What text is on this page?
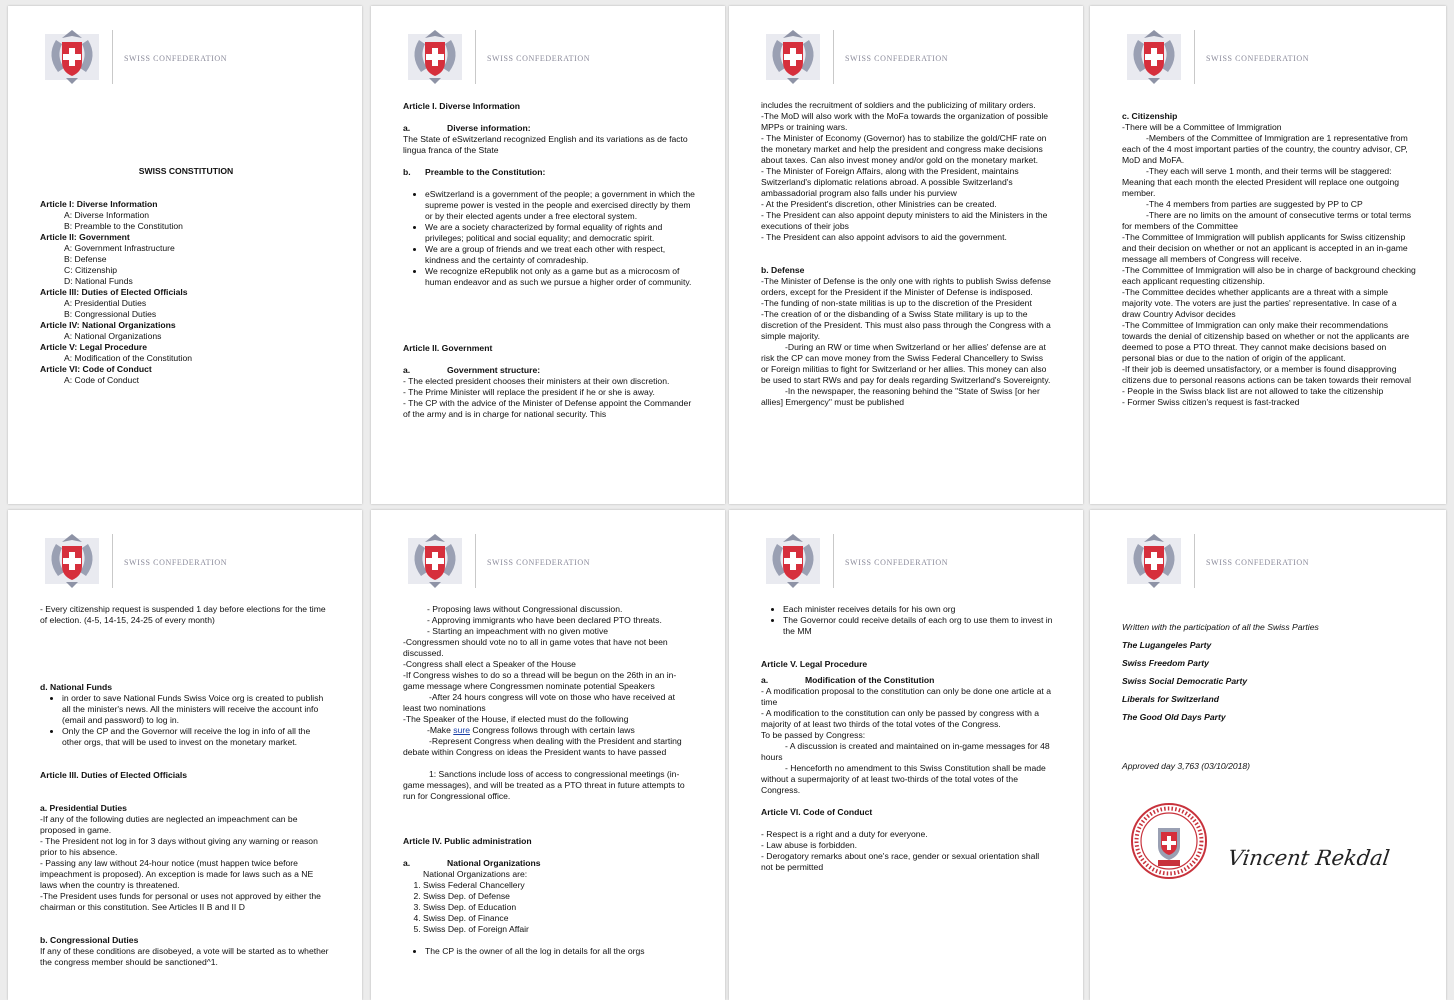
SWISS CONFEDERATION

SWISS CONSTITUTION

Article I: Diverse Information

A: Diverse Information

B: Preamble to the Constitution

Article II: Government

A: Government Infrastructure

B: Defense

C: Citizenship

D: National Funds

Article III: Duties of Elected Officials

A: Presidential Duties

B: Congressional Duties

Article IV: National Organizations

A: National Organizations

Article V: Legal Procedure

A: Modification of the Constitution

Article VI: Code of Conduct

A: Code of Conduct

SWISS CONFEDERATION

Article I. Diverse Information

a.	Diverse information:

The State of eSwitzerland recognized English and its variations as de facto lingua franca of the State

b. Preamble to the Constitution:

• eSwitzerland is a government of the people; a government in which the supreme power is vested in the people and exercised directly by them or by their elected agents under a free electoral system.
• We are a society characterized by formal equality of rights and privileges; political and social equality; and democratic spirit.
• We are a group of friends and we treat each other with respect, kindness and the certainty of comradeship.
• We recognize eRepublik not only as a game but as a microcosm of human endeavor and as such we pursue a higher order of community.

Article II. Government

a.	Government structure:

- The elected president chooses their ministers at their own discretion.

- The Prime Minister will replace the president if he or she is away.

- The CP with the advice of the Minister of Defense appoint the Commander of the army and is in charge for national security. This

SWISS CONFEDERATION

includes the recruitment of soldiers and the publicizing of military orders.

-The MoD will also work with the MoFa towards the organization of possible MPPs or training wars.

- The Minister of Economy (Governor) has to stabilize the gold/CHF rate on the monetary market and help the president and congress make decisions about taxes. Can also invest money and/or gold on the monetary market.

- The Minister of Foreign Affairs, along with the President, maintains Switzerland's diplomatic relations abroad. A possible Switzerland's ambassadorial program also falls under his purview

- At the President's discretion, other Ministries can be created.

- The President can also appoint deputy ministers to aid the Ministers in the executions of their jobs

- The President can also appoint advisors to aid the government.

b. Defense

-The Minister of Defense is the only one with rights to publish Swiss defense orders, except for the President if the Minister of Defense is indisposed.

-The funding of non-state militias is up to the discretion of the President

-The creation of or the disbanding of a Swiss State military is up to the discretion of the President. This must also pass through the Congress with a simple majority.

-During an RW or time when Switzerland or her allies' defense are at risk the CP can move money from the Swiss Federal Chancellery to Swiss or Foreign militias to fight for Switzerland or her allies. This money can also be used to start RWs and pay for deals regarding Switzerland's Sovereignty.

-In the newspaper, the reasoning behind the "State of Swiss [or her allies] Emergency" must be published

SWISS CONFEDERATION

c. Citizenship

-There will be a Committee of Immigration

-Members of the Committee of Immigration are 1 representative from each of the 4 most important parties of the country, the country advisor, CP, MoD and MoFA.

-They each will serve 1 month, and their terms will be staggered: Meaning that each month the elected President will replace one outgoing member.

-The 4 members from parties are suggested by PP to CP

-There are no limits on the amount of consecutive terms or total terms for members of the Committee

-The Committee of Immigration will publish applicants for Swiss citizenship and their decision on whether or not an applicant is accepted in an in-game message all members of Congress will receive.

-The Committee of Immigration will also be in charge of background checking each applicant requesting citizenship.

-The Committee decides whether applicants are a threat with a simple majority vote. The voters are just the parties' representative. In case of a draw Country Advisor decides

-The Committee of Immigration can only make their recommendations towards the denial of citizenship based on whether or not the applicants are deemed to pose a PTO threat. They cannot make decisions based on personal bias or due to the nation of origin of the applicant.

-If their job is deemed unsatisfactory, or a member is found disapproving citizens due to personal reasons actions can be taken towards their removal

- People in the Swiss black list are not allowed to take the citizenship

- Former Swiss citizen's request is fast-tracked

SWISS CONFEDERATION

- Every citizenship request is suspended 1 day before elections for the time of election. (4-5, 14-15, 24-25 of every month)

d. National Funds

• in order to save National Funds Swiss Voice org is created to publish all the minister's news. All the ministers will receive the account info (email and password) to log in.
• Only the CP and the Governor will receive the log in info of all the other orgs, that will be used to invest on the monetary market.

Article III. Duties of Elected Officials

a. Presidential Duties

-If any of the following duties are neglected an impeachment can be proposed in game.

- The President not log in for 3 days without giving any warning or reason prior to his absence.

- Passing any law without 24-hour notice (must happen twice before impeachment is proposed). An exception is made for laws such as a NE laws when the country is threatened.

-The President uses funds for personal or uses not approved by either the chairman or this constitution. See Articles II B and II D

b. Congressional Duties

If any of these conditions are disobeyed, a vote will be started as to whether the congress member should be sanctioned^1.

SWISS CONFEDERATION

- Proposing laws without Congressional discussion.

- Approving immigrants who have been declared PTO threats.

- Starting an impeachment with no given motive

-Congressmen should vote no to all in game votes that have not been discussed.

-Congress shall elect a Speaker of the House

-If Congress wishes to do so a thread will be begun on the 26th in an in-game message where Congressmen nominate potential Speakers

-After 24 hours congress will vote on those who have received at least two nominations

-The Speaker of the House, if elected must do the following

-Make sure Congress follows through with certain laws

-Represent Congress when dealing with the President and starting debate within Congress on ideas the President wants to have passed

1: Sanctions include loss of access to congressional meetings (in-game messages), and will be treated as a PTO threat in future attempts to run for Congressional office.

Article IV. Public administration

a.	National Organizations

National Organizations are:

1. Swiss Federal Chancellery
2. Swiss Dep. of Defense
3. Swiss Dep. of Education
4. Swiss Dep. of Finance
5. Swiss Dep. of Foreign Affair
• The CP is the owner of all the log in details for all the orgs
SWISS CONFEDERATION
• Each minister receives details for his own org
• The Governor could receive details of each org to use them to invest in the MM

Article V. Legal Procedure

a.	Modification of the Constitution

- A modification proposal to the constitution can only be done one article at a time

- A modification to the constitution can only be passed by congress with a majority of at least two thirds of the total votes of the Congress.

To be passed by Congress:

- A discussion is created and maintained on in-game messages for 48 hours

- Henceforth no amendment to this Swiss Constitution shall be made without a supermajority of at least two-thirds of the total votes of the Congress.

Article VI. Code of Conduct

- Respect is a right and a duty for everyone.

- Law abuse is forbidden.

- Derogatory remarks about one's race, gender or sexual orientation shall not be permitted

SWISS CONFEDERATION

Written with the participation of all the Swiss Parties

The Lugangeles Party

Swiss Freedom Party

Swiss Social Democratic Party

Liberals for Switzerland

The Good Old Days Party

Approved day 3,763 (03/10/2018)

Vincent Rekdal
